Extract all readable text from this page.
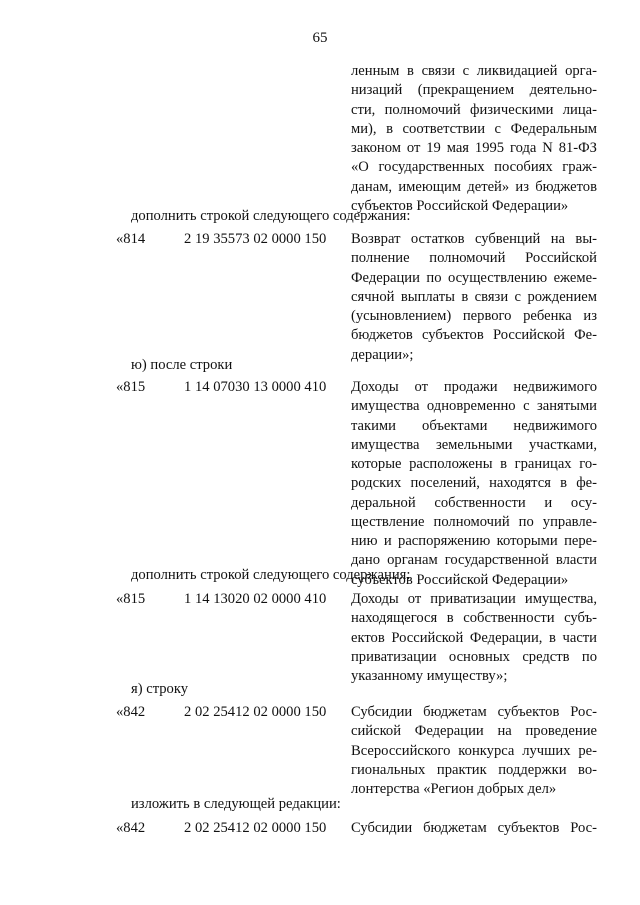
65
ленным в связи с ликвидацией орга-
низаций (прекращением деятельно-
сти, полномочий физическими лица-
ми), в соответствии с Федеральным
законом от 19 мая 1995 года N 81-ФЗ
«О государственных пособиях граж-
данам, имеющим детей» из бюджетов
субъектов Российской Федерации»
дополнить строкой следующего содержания:
«814	2 19 35573 02 0000 150 Возврат остатков субвенций на вы-
полнение полномочий Российской
Федерации по осуществлению ежеме-
сячной выплаты в связи с рождением
(усыновлением) первого ребенка из
бюджетов субъектов Российской Фе-
дерации»;
ю) после строки
«815	1 14 07030 13 0000 410 Доходы от продажи недвижимого
имущества одновременно с занятыми
такими объектами недвижимого
имущества земельными участками,
которые расположены в границах го-
родских поселений, находятся в фе-
деральной собственности и осу-
ществление полномочий по управле-
нию и распоряжению которыми пере-
дано органам государственной власти
субъектов Российской Федерации»
дополнить строкой следующего содержания:
«815	1 14 13020 02 0000 410 Доходы от приватизации имущества,
находящегося в собственности субъ-
ектов Российской Федерации, в части
приватизации основных средств по
указанному имуществу»;
я) строку
«842	2 02 25412 02 0000 150 Субсидии бюджетам субъектов Рос-
сийской Федерации на проведение
Всероссийского конкурса лучших ре-
гиональных практик поддержки во-
лонтерства «Регион добрых дел»
изложить в следующей редакции:
«842	2 02 25412 02 0000 150 Субсидии бюджетам субъектов Рос-
